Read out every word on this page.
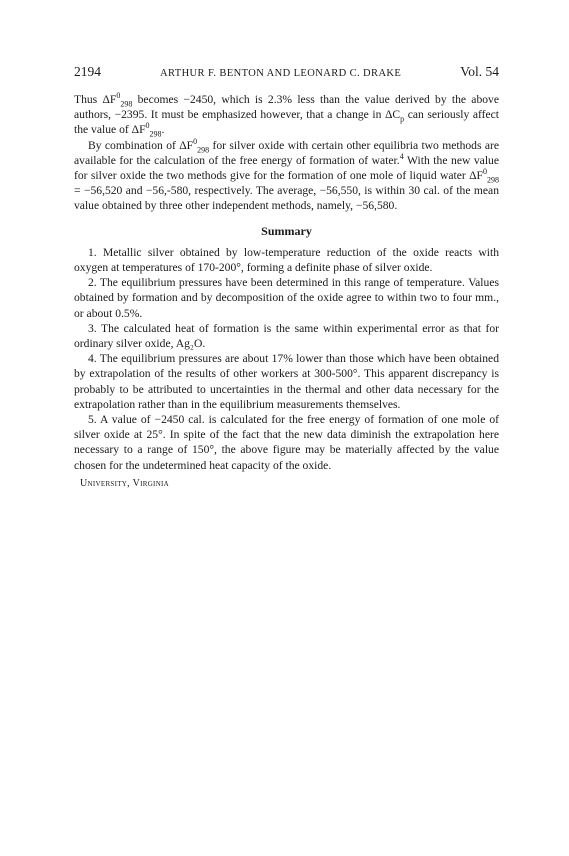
2194	ARTHUR F. BENTON AND LEONARD C. DRAKE	Vol. 54

Thus $\Delta F^0_{298}$ becomes −2450, which is 2.3% less than the value derived by the above authors, −2395. It must be emphasized however, that a change in $\Delta C_p$ can seriously affect the value of $\Delta F^0_{298}$.

By combination of $\Delta F^0_{298}$ for silver oxide with certain other equilibria two methods are available for the calculation of the free energy of formation of water.$^4$ With the new value for silver oxide the two methods give for the formation of one mole of liquid water $\Delta F^0_{298} = -56,520$ and −56,-580, respectively. The average, −56,550, is within 30 cal. of the mean value obtained by three other independent methods, namely, −56,580.

Summary

1. Metallic silver obtained by low-temperature reduction of the oxide reacts with oxygen at temperatures of 170-200°, forming a definite phase of silver oxide.

2. The equilibrium pressures have been determined in this range of temperature. Values obtained by formation and by decomposition of the oxide agree to within two to four mm., or about 0.5%.

3. The calculated heat of formation is the same within experimental error as that for ordinary silver oxide, Ag₂O.

4. The equilibrium pressures are about 17% lower than those which have been obtained by extrapolation of the results of other workers at 300-500°. This apparent discrepancy is probably to be attributed to uncertainties in the thermal and other data necessary for the extrapolation rather than in the equilibrium measurements themselves.

5. A value of −2450 cal. is calculated for the free energy of formation of one mole of silver oxide at 25°. In spite of the fact that the new data diminish the extrapolation here necessary to a range of 150°, the above figure may be materially affected by the value chosen for the undetermined heat capacity of the oxide.

University, Virginia
